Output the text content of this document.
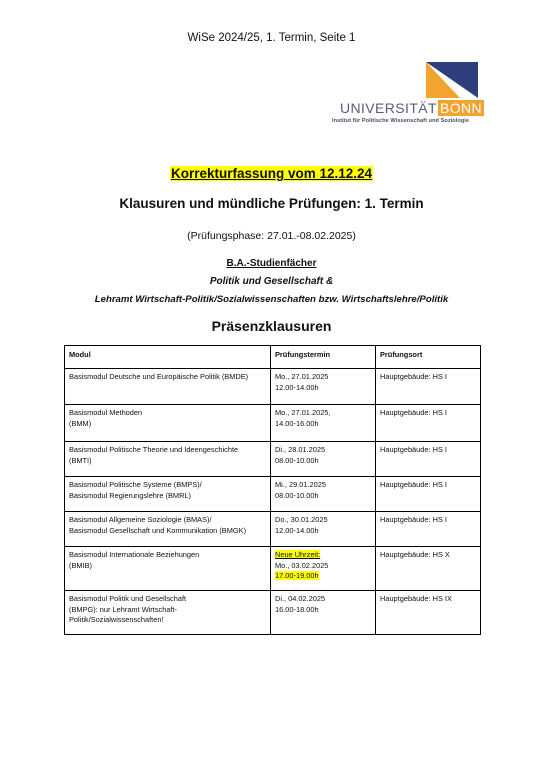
WiSe 2024/25, 1. Termin, Seite 1
UNIVERSITÄT BONN
Institut für Politische Wissenschaft und Soziologie
Korrekturfassung vom 12.12.24
Klausuren und mündliche Prüfungen: 1. Termin
(Prüfungsphase: 27.01.-08.02.2025)
B.A.-Studienfächer
Politik und Gesellschaft &
Lehramt Wirtschaft-Politik/Sozialwissenschaften bzw. Wirtschaftslehre/Politik
Präsenzklausuren
Modul	Prüfungstermin	Prüfungsort

Basismodul Deutsche und Europäische Politik (BMDE)	Mo., 27.01.2025
12.00-14.00h	Hauptgebäude: HS I

Basismodul Methoden
(BMM)	Mo., 27.01.2025,
14.00-16.00h	Hauptgebäude: HS I

Basismodul Politische Theorie und Ideengeschichte
(BMTI)	Di., 28.01.2025
08.00-10.00h	Hauptgebäude: HS I

Basismodul Politische Systeme (BMPS)/
Basismodul Regierungslehre (BMRL)	Mi., 29.01.2025
08.00-10.00h	Hauptgebäude: HS I

Basismodul Allgemeine Soziologie (BMAS)/
Basismodul Gesellschaft und Kommunikation (BMGK)	Do., 30.01.2025
12.00-14.00h	Hauptgebäude: HS I

Basismodul Internationale Beziehungen
(BMIB)	Neue Uhrzeit:
Mo., 03.02.2025
17.00-19.00h	Hauptgebäude: HS X

Basismodul Politik und Gesellschaft
(BMPG): nur Lehramt Wirtschaft-
Politik/Sozialwissenschaften!	Di., 04.02.2025
16.00-18.00h	Hauptgebäude: HS IX
